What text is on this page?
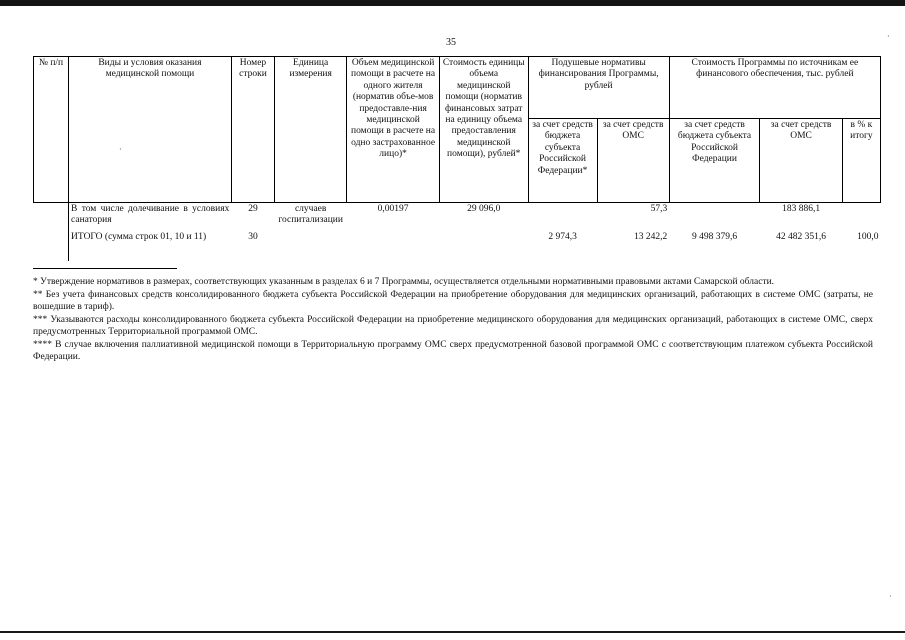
35
·
·
·
№ п/п	Виды и условия оказания медицинской помощи	Номер строки	Единица измерения	Объем медицинской помощи в расчете на одного жителя (норматив объе-мов предоставле-ния медицинской помощи в расчете на одно застрахованное лицо)*	Стоимость единицы объема медицинской помощи (норматив финансовых затрат на единицу объема предоставления медицинской помощи), рублей*	Подушевые нормативы финансирования Программы, рублей		Стоимость Программы по источникам ее финансового обеспечения, тыс. рублей		
						за счет средств бюджета субъекта Российской Федерации*	за счет средств ОМС	за счет средств бюджета субъекта Российской Федерации	за счет средств ОМС	в % к итогу
	В том числе долечивание в условиях санатория	29	случаев госпитализации	0,00197	29 096,0		57,3		183 886,1	
	ИТОГО (сумма строк 01, 10 и 11)	30				2 974,3	13 242,2	9 498 379,6	42 482 351,6	100,0

* Утверждение нормативов в размерах, соответствующих указанным в разделах 6 и 7 Программы, осуществляется отдельными нормативными правовыми актами Самарской области.

** Без учета финансовых средств консолидированного бюджета субъекта Российской Федерации на приобретение оборудования для медицинских организаций, работающих в системе ОМС (затраты, не вошедшие в тариф).

*** Указываются расходы консолидированного бюджета субъекта Российской Федерации на приобретение медицинского оборудования для медицинских организаций, работающих в системе ОМС, сверх предусмотренных Территориальной программой ОМС.

**** В случае включения паллиативной медицинской помощи в Территориальную программу ОМС сверх предусмотренной базовой программой ОМС с соответствующим платежом субъекта Российской Федерации.
